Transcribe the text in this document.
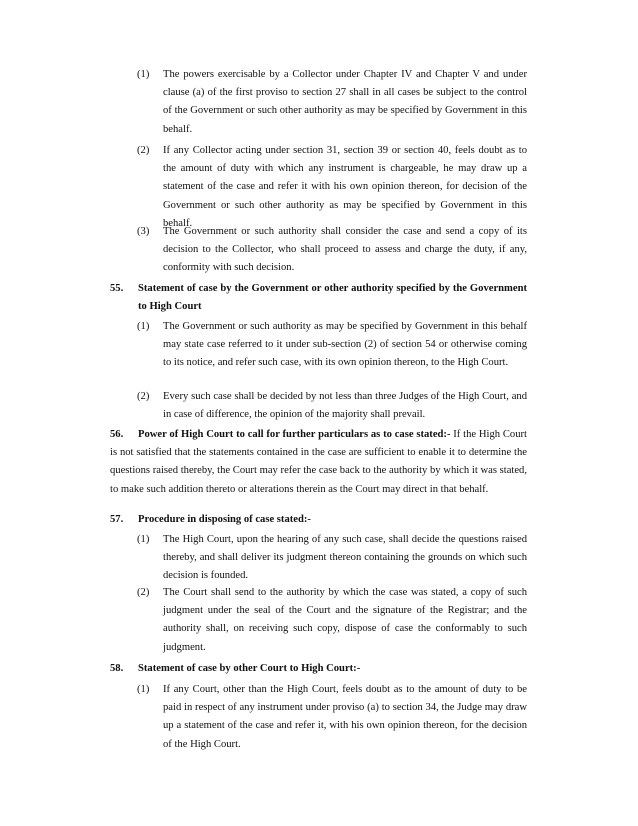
(1) The powers exercisable by a Collector under Chapter IV and Chapter V and under clause (a) of the first proviso to section 27 shall in all cases be subject to the control of the Government or such other authority as may be specified by Government in this behalf.
(2) If any Collector acting under section 31, section 39 or section 40, feels doubt as to the amount of duty with which any instrument is chargeable, he may draw up a statement of the case and refer it with his own opinion thereon, for decision of the Government or such other authority as may be specified by Government in this behalf.
(3) The Government or such authority shall consider the case and send a copy of its decision to the Collector, who shall proceed to assess and charge the duty, if any, conformity with such decision.
55. Statement of case by the Government or other authority specified by the Government to High Court
(1) The Government or such authority as may be specified by Government in this behalf may state case referred to it under sub-section (2) of section 54 or otherwise coming to its notice, and refer such case, with its own opinion thereon, to the High Court.
(2) Every such case shall be decided by not less than three Judges of the High Court, and in case of difference, the opinion of the majority shall prevail.
56.	Power of High Court to call for further particulars as to case stated:- If the High Court is not satisfied that the statements contained in the case are sufficient to enable it to determine the questions raised thereby, the Court may refer the case back to the authority by which it was stated, to make such addition thereto or alterations therein as the Court may direct in that behalf.
57. Procedure in disposing of case stated:-
(1) The High Court, upon the hearing of any such case, shall decide the questions raised thereby, and shall deliver its judgment thereon containing the grounds on which such decision is founded.
(2) The Court shall send to the authority by which the case was stated, a copy of such judgment under the seal of the Court and the signature of the Registrar; and the authority shall, on receiving such copy, dispose of case the conformably to such judgment.
58. Statement of case by other Court to High Court:-
(1) If any Court, other than the High Court, feels doubt as to the amount of duty to be paid in respect of any instrument under proviso (a) to section 34, the Judge may draw up a statement of the case and refer it, with his own opinion thereon, for the decision of the High Court.
